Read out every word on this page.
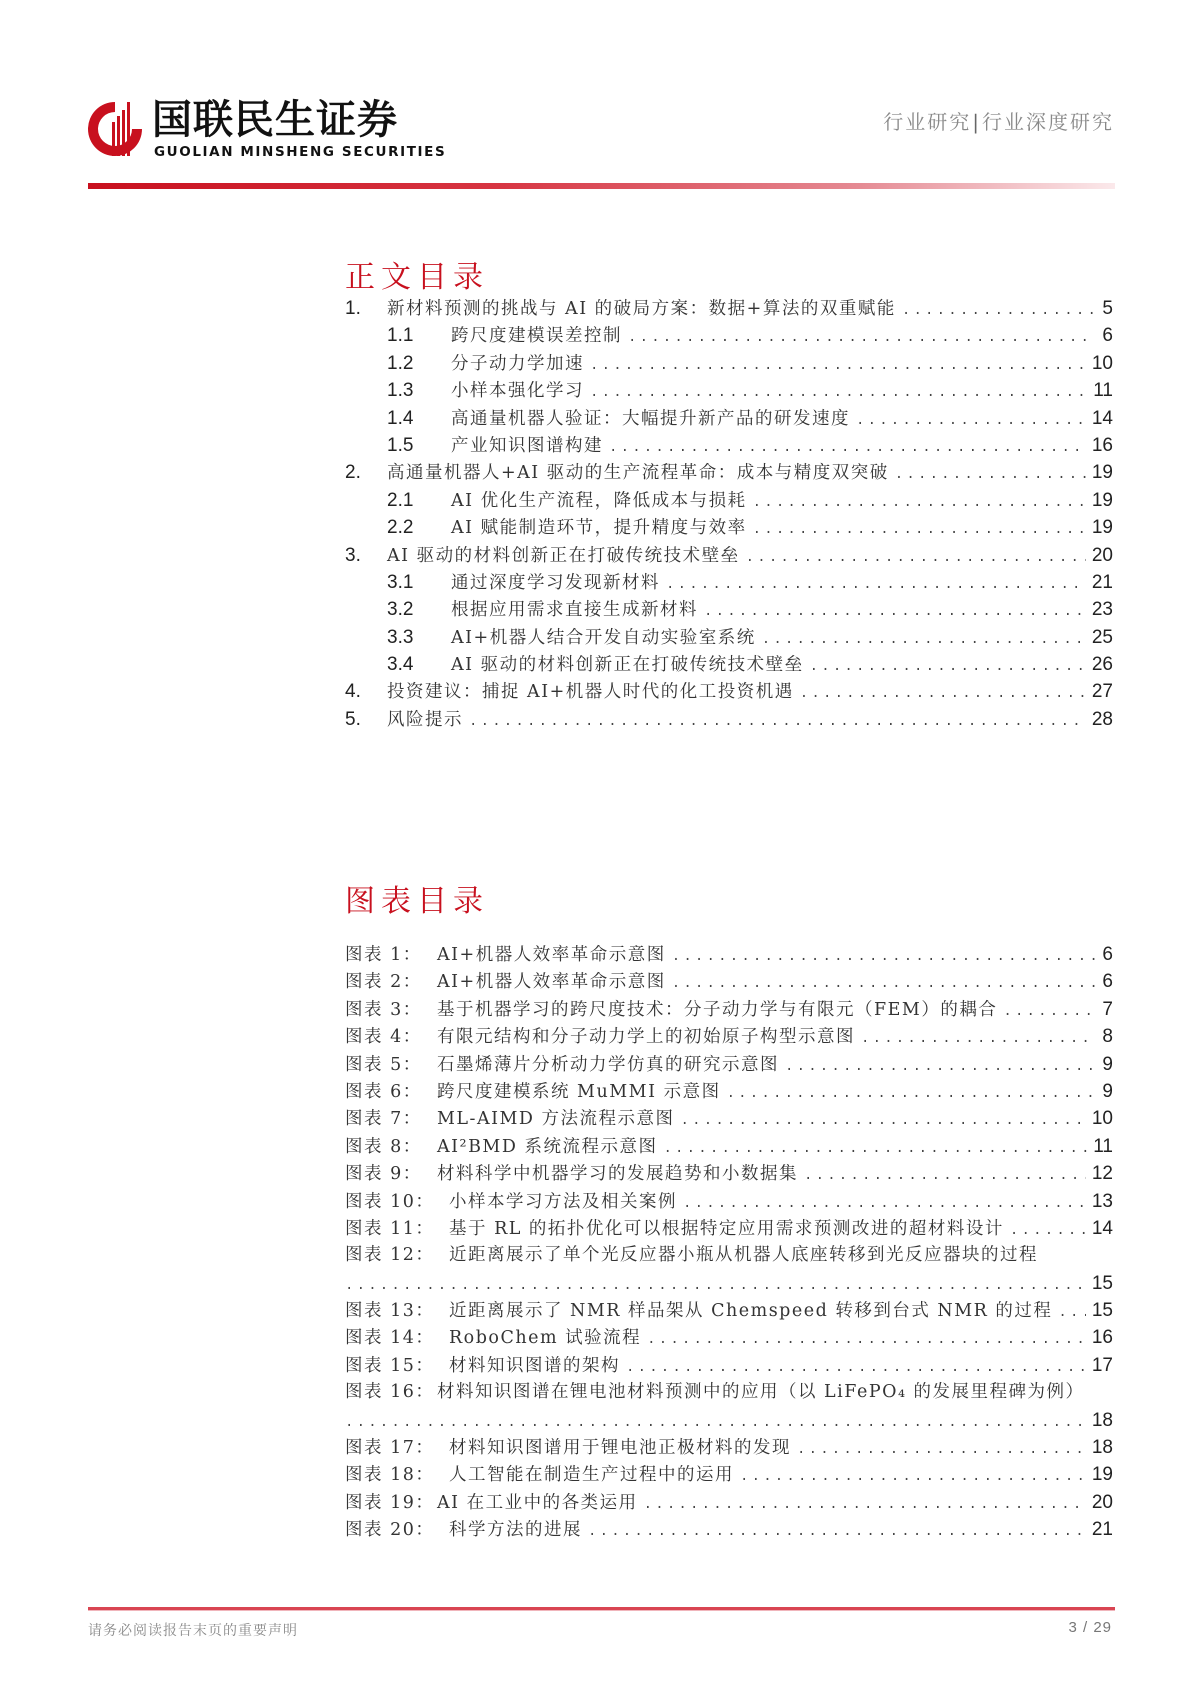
国联民生证券
GUOLIAN MINSHENG SECURITIES
行业研究|行业深度研究
正文目录
1.	新材料预测的挑战与 AI 的破局方案：数据+算法的双重赋能 .....	5
1.1	跨尺度建模误差控制 .....	6
1.2	分子动力学加速 .....	10
1.3	小样本强化学习 .....	11
1.4	高通量机器人验证：大幅提升新产品的研发速度 .....	14
1.5	产业知识图谱构建 .....	16
2.	高通量机器人+AI 驱动的生产流程革命：成本与精度双突破 .....	19
2.1	AI 优化生产流程，降低成本与损耗 .....	19
2.2	AI 赋能制造环节，提升精度与效率 .....	19
3.	AI 驱动的材料创新正在打破传统技术壁垒 .....	20
3.1	通过深度学习发现新材料 .....	21
3.2	根据应用需求直接生成新材料 .....	23
3.3	AI+机器人结合开发自动实验室系统 .....	25
3.4	AI 驱动的材料创新正在打破传统技术壁垒 .....	26
4.	投资建议：捕捉 AI+机器人时代的化工投资机遇 .....	27
5.	风险提示 .....	28
图表目录
图表 1： AI+机器人效率革命示意图 .....	6
图表 2： AI+机器人效率革命示意图 .....	6
图表 3： 基于机器学习的跨尺度技术：分子动力学与有限元（FEM）的耦合 .....	7
图表 4： 有限元结构和分子动力学上的初始原子构型示意图 .....	8
图表 5： 石墨烯薄片分析动力学仿真的研究示意图 .....	9
图表 6： 跨尺度建模系统 MuMMI 示意图 .....	9
图表 7： ML-AIMD 方法流程示意图 .....	10
图表 8： AI²BMD 系统流程示意图 .....	11
图表 9： 材料科学中机器学习的发展趋势和小数据集 .....	12
图表 10： 小样本学习方法及相关案例 .....	13
图表 11： 基于 RL 的拓扑优化可以根据特定应用需求预测改进的超材料设计 .....	14
图表 12： 近距离展示了单个光反应器小瓶从机器人底座转移到光反应器块的过程
.....
15
图表 13： 近距离展示了 NMR 样品架从 Chemspeed 转移到台式 NMR 的过程 ..... 15
图表 14： RoboChem 试验流程 .....	16
图表 15： 材料知识图谱的架构 .....	17
图表 16： 材料知识图谱在锂电池材料预测中的应用（以 LiFePO₄ 的发展里程碑为例）
.....
18
图表 17： 材料知识图谱用于锂电池正极材料的发现 .....	18
图表 18： 人工智能在制造生产过程中的运用 .....	19
图表 19： AI 在工业中的各类运用 .....	20
图表 20： 科学方法的进展 .....	21
请务必阅读报告末页的重要声明	3 / 29
